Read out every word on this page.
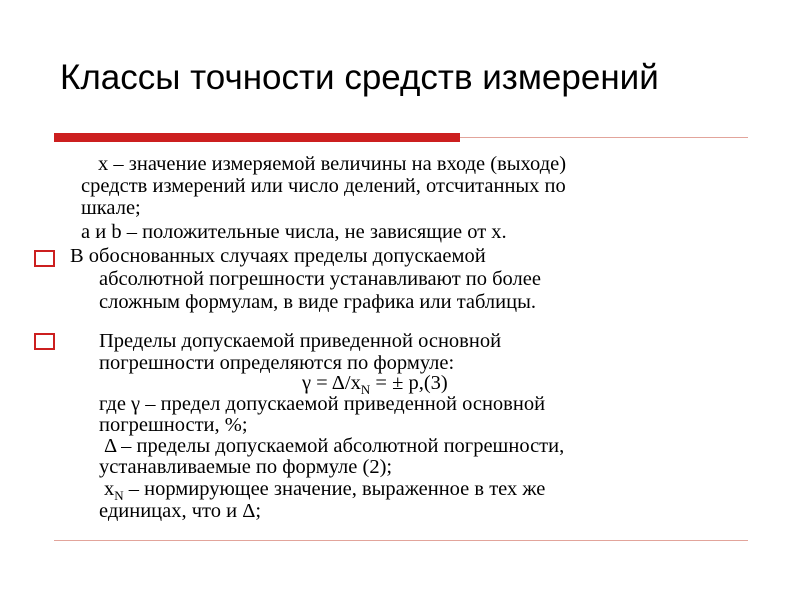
Классы точности средств измерений
x – значение измеряемой величины на входе (выходе)
средств измерений или число делений, отсчитанных по
шкале;
a и b – положительные числа, не зависящие от x.
В обоснованных случаях пределы допускаемой
абсолютной погрешности устанавливают по более
сложным формулам, в виде графика или таблицы.
Пределы допускаемой приведенной основной
погрешности определяются по формуле:
$\gamma = \Delta/x_N$ = ± p,(3)
где γ – предел допускаемой приведенной основной
погрешности, %;
Δ – пределы допускаемой абсолютной погрешности,
устанавливаемые по формуле (2);
$x_N$ – нормирующее значение, выраженное в тех же
единицах, что и Δ;
